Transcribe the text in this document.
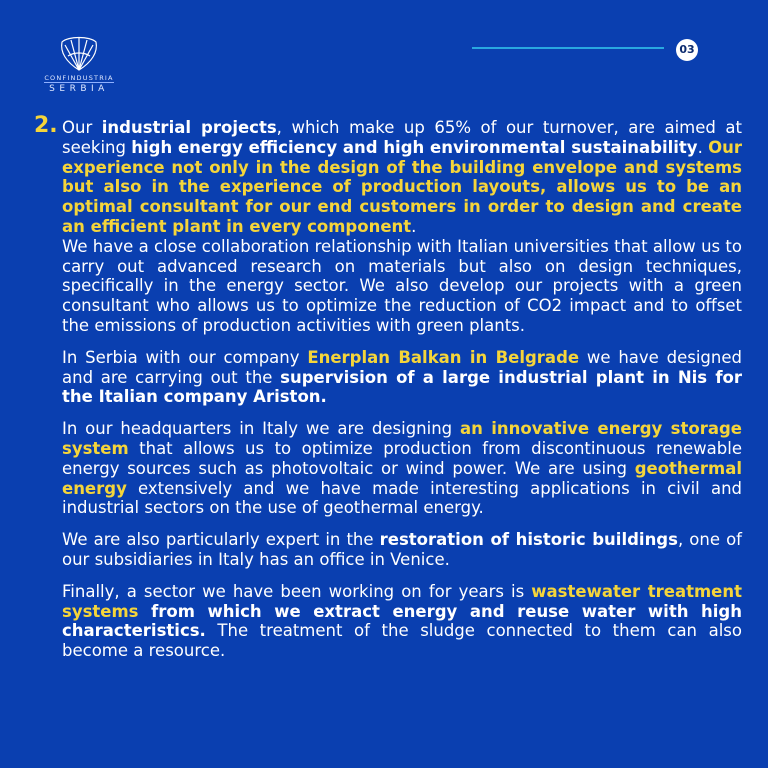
CONFINDUSTRIA
SERBIA
03
2. Our industrial projects, which make up 65% of our turnover, are aimed at seeking high energy efficiency and high environmental sustainability. Our experience not only in the design of the building envelope and systems but also in the experience of production layouts, allows us to be an optimal consultant for our end customers in order to design and create an efficient plant in every component.

We have a close collaboration relationship with Italian universities that allow us to carry out advanced research on materials but also on design techniques, specifically in the energy sector. We also develop our projects with a green consultant who allows us to optimize the reduction of CO2 impact and to offset the emissions of production activities with green plants.

In Serbia with our company Enerplan Balkan in Belgrade we have designed and are carrying out the supervision of a large industrial plant in Nis for the Italian company Ariston.

In our headquarters in Italy we are designing an innovative energy storage system that allows us to optimize production from discontinuous renewable energy sources such as photovoltaic or wind power. We are using geothermal energy extensively and we have made interesting applications in civil and industrial sectors on the use of geothermal energy.

We are also particularly expert in the restoration of historic buildings, one of our subsidiaries in Italy has an office in Venice.

Finally, a sector we have been working on for years is wastewater treatment systems from which we extract energy and reuse water with high characteristics. The treatment of the sludge connected to them can also become a resource.
